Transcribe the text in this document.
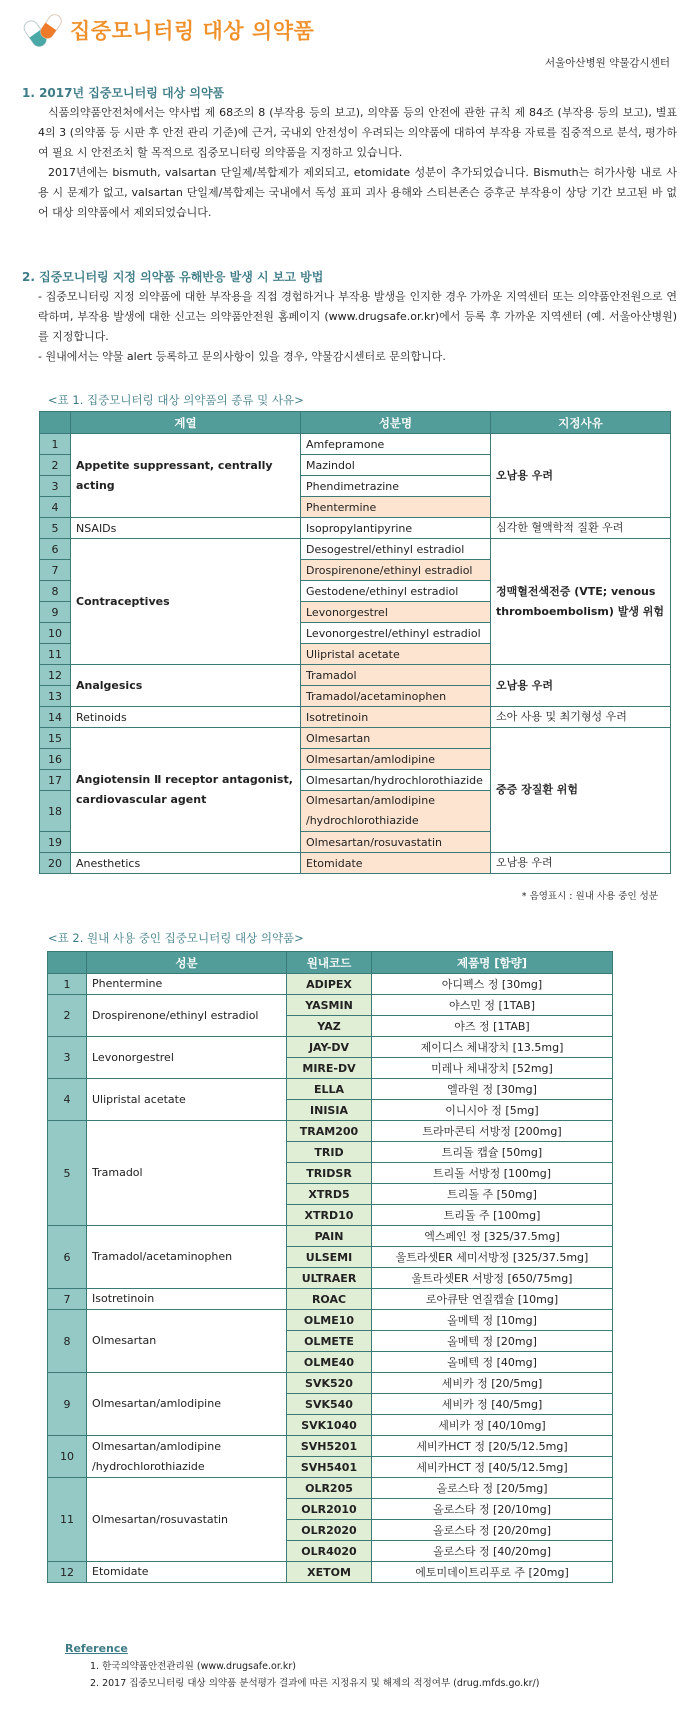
집중모니터링 대상 의약품
서울아산병원 약물감시센터
1. 2017년 집중모니터링 대상 의약품

식품의약품안전처에서는 약사법 제 68조의 8 (부작용 등의 보고), 의약품 등의 안전에 관한 규칙 제 84조 (부작용 등의 보고), 별표 4의 3 (의약품 등 시판 후 안전 관리 기준)에 근거, 국내외 안전성이 우려되는 의약품에 대하여 부작용 자료를 집중적으로 분석, 평가하여 필요 시 안전조치 할 목적으로 집중모니터링 의약품을 지정하고 있습니다.

2017년에는 bismuth, valsartan 단일제/복합제가 제외되고, etomidate 성분이 추가되었습니다. Bismuth는 허가사항 내로 사용 시 문제가 없고, valsartan 단일제/복합제는 국내에서 독성 표피 괴사 용해와 스티븐존슨 증후군 부작용이 상당 기간 보고된 바 없어 대상 의약품에서 제외되었습니다.

2. 집중모니터링 지정 의약품 유해반응 발생 시 보고 방법

- 집중모니터링 지정 의약품에 대한 부작용을 직접 경험하거나 부작용 발생을 인지한 경우 가까운 지역센터 또는 의약품안전원으로 연락하며, 부작용 발생에 대한 신고는 의약품안전원 홈페이지 (www.drugsafe.or.kr)에서 등록 후 가까운 지역센터 (예. 서울아산병원)를 지정합니다.

- 원내에서는 약물 alert 등록하고 문의사항이 있을 경우, 약물감시센터로 문의합니다.

<표 1. 집중모니터링 대상 의약품의 종류 및 사유>
	계열	성분명	지정사유
1	Appetite suppressant, centrally acting	Amfepramone	오남용 우려
2		Mazindol	
3		Phendimetrazine	
4		Phentermine	
5	NSAIDs	Isopropylantipyrine	심각한 혈액학적 질환 우려
6	Contraceptives	Desogestrel/ethinyl estradiol	정맥혈전색전증 (VTE; venous thromboembolism) 발생 위험
7		Drospirenone/ethinyl estradiol	
8		Gestodene/ethinyl estradiol	
9		Levonorgestrel	
10		Levonorgestrel/ethinyl estradiol	
11		Ulipristal acetate	
12	Analgesics	Tramadol	오남용 우려
13		Tramadol/acetaminophen	
14	Retinoids	Isotretinoin	소아 사용 및 최기형성 우려
15	Angiotensin Ⅱ receptor antagonist, cardiovascular agent	Olmesartan	중증 장질환 위험
16		Olmesartan/amlodipine	
17		Olmesartan/hydrochlorothiazide	
18		Olmesartan/amlodipine /hydrochlorothiazide	
19		Olmesartan/rosuvastatin	
20	Anesthetics	Etomidate	오남용 우려
* 음영표시 : 원내 사용 중인 성분
<표 2. 원내 사용 중인 집중모니터링 대상 의약품>
	성분	원내코드	제품명 [함량]
1	Phentermine	ADIPEX	아디펙스 정 [30mg]
2	Drospirenone/ethinyl estradiol	YASMIN	야스민 정 [1TAB]
		YAZ	야즈 정 [1TAB]
3	Levonorgestrel	JAY-DV	제이디스 체내장치 [13.5mg]
		MIRE-DV	미레나 체내장치 [52mg]
4	Ulipristal acetate	ELLA	엘라원 정 [30mg]
		INISIA	이니시아 정 [5mg]
5	Tramadol	TRAM200	트라마콘티 서방정 [200mg]
		TRID	트리돌 캡슐 [50mg]
		TRIDSR	트리돌 서방정 [100mg]
		XTRD5	트리돌 주 [50mg]
		XTRD10	트리돌 주 [100mg]
6	Tramadol/acetaminophen	PAIN	엑스페인 정 [325/37.5mg]
		ULSEMI	울트라셋ER 세미서방정 [325/37.5mg]
		ULTRAER	울트라셋ER 서방정 [650/75mg]
7	Isotretinoin	ROAC	로아큐탄 연질캡슐 [10mg]
8	Olmesartan	OLME10	올메텍 정 [10mg]
		OLMETE	올메텍 정 [20mg]
		OLME40	올메텍 정 [40mg]
9	Olmesartan/amlodipine	SVK520	세비카 정 [20/5mg]
		SVK540	세비카 정 [40/5mg]
		SVK1040	세비카 정 [40/10mg]
10	Olmesartan/amlodipine /hydrochlorothiazide	SVH5201	세비카HCT 정 [20/5/12.5mg]
		SVH5401	세비카HCT 정 [40/5/12.5mg]
11	Olmesartan/rosuvastatin	OLR205	올로스타 정 [20/5mg]
		OLR2010	올로스타 정 [20/10mg]
		OLR2020	올로스타 정 [20/20mg]
		OLR4020	올로스타 정 [40/20mg]
12	Etomidate	XETOM	에토미데이트리푸로 주 [20mg]
Reference
1. 한국의약품안전관리원 (www.drugsafe.or.kr)
2. 2017 집중모니터링 대상 의약품 분석평가 결과에 따른 지정유지 및 해제의 적정여부 (drug.mfds.go.kr/)
